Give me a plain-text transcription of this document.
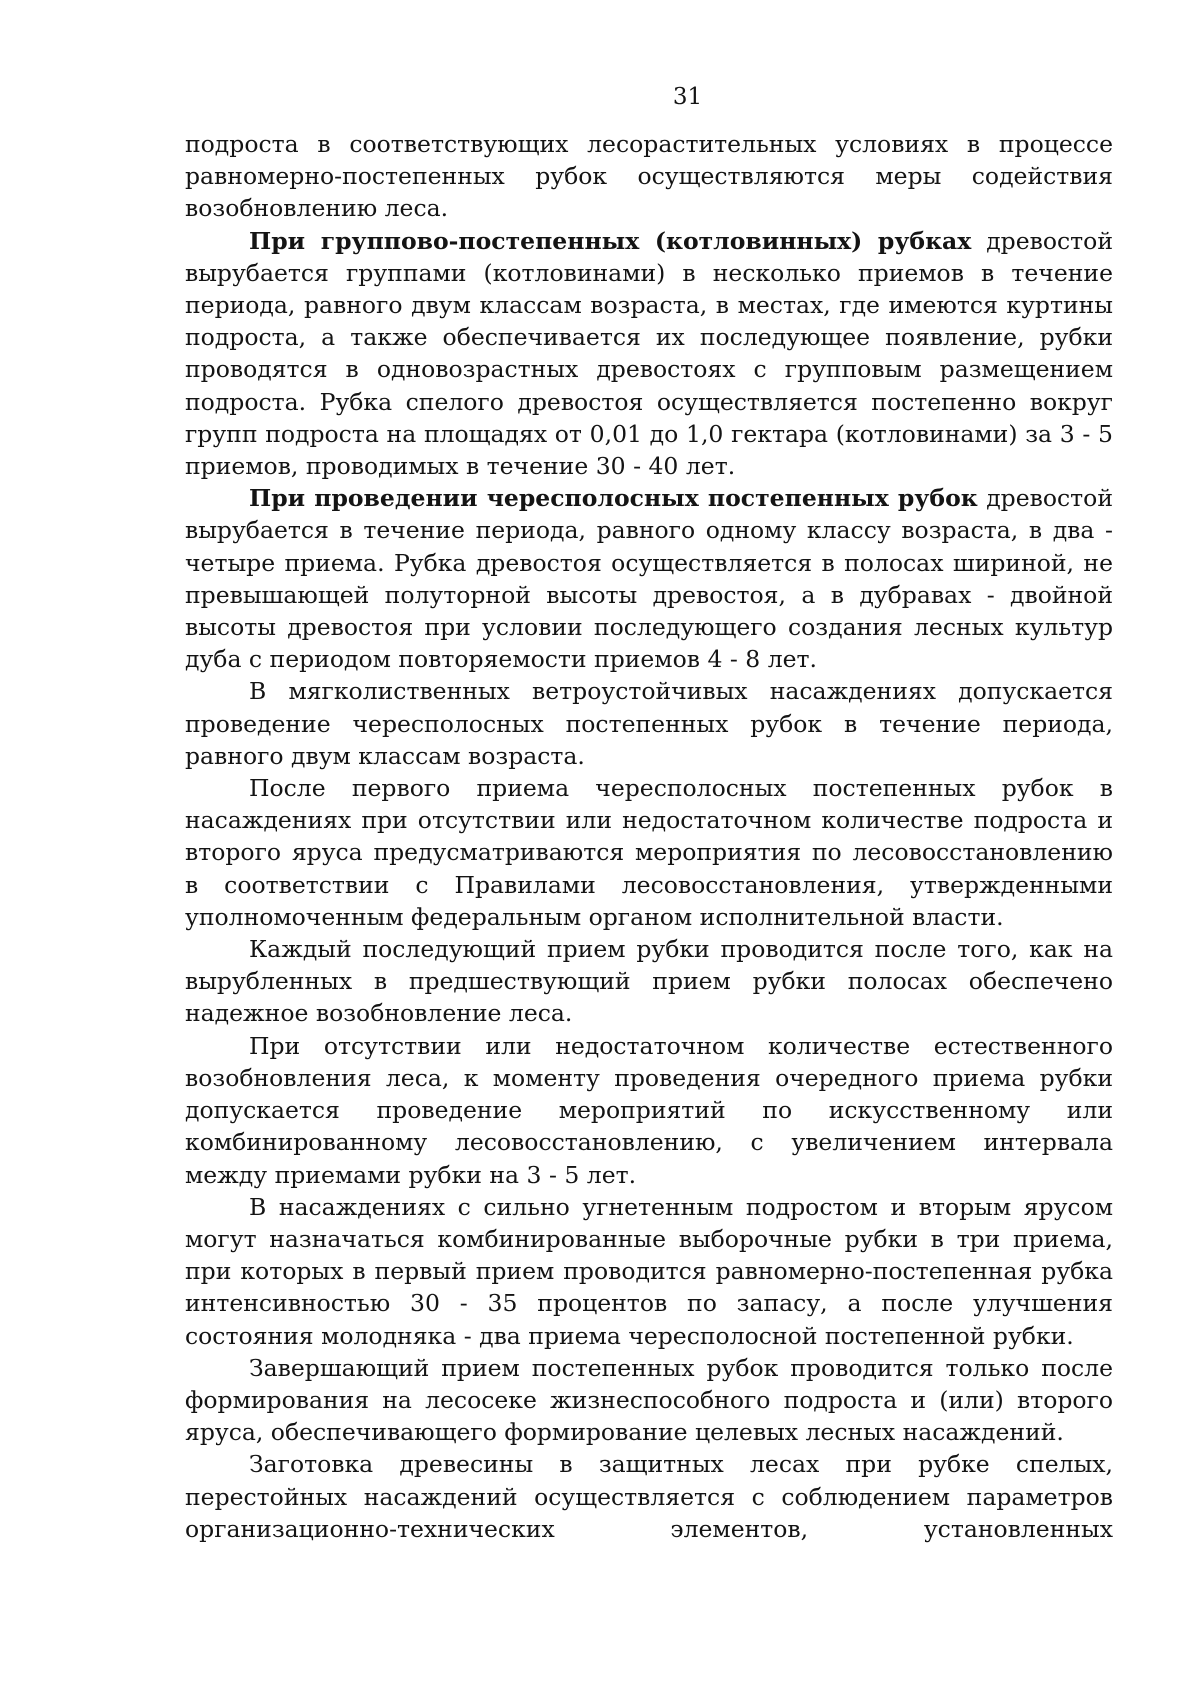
31

подроста в соответствующих лесорастительных условиях в процессе равномерно-постепенных рубок осуществляются меры содействия возобновлению леса.

При группово-постепенных (котловинных) рубках древостой вырубается группами (котловинами) в несколько приемов в течение периода, равного двум классам возраста, в местах, где имеются куртины подроста, а также обеспечивается их последующее появление, рубки проводятся в одновозрастных древостоях с групповым размещением подроста. Рубка спелого древостоя осуществляется постепенно вокруг групп подроста на площадях от 0,01 до 1,0 гектара (котловинами) за 3 - 5 приемов, проводимых в течение 30 - 40 лет.

При проведении чересполосных постепенных рубок древостой вырубается в течение периода, равного одному классу возраста, в два - четыре приема. Рубка древостоя осуществляется в полосах шириной, не превышающей полуторной высоты древостоя, а в дубравах - двойной высоты древостоя при условии последующего создания лесных культур дуба с периодом повторяемости приемов 4 - 8 лет.

В мягколиственных ветроустойчивых насаждениях допускается проведение чересполосных постепенных рубок в течение периода, равного двум классам возраста.

После первого приема чересполосных постепенных рубок в насаждениях при отсутствии или недостаточном количестве подроста и второго яруса предусматриваются мероприятия по лесовосстановлению в соответствии с Правилами лесовосстановления, утвержденными уполномоченным федеральным органом исполнительной власти.

Каждый последующий прием рубки проводится после того, как на вырубленных в предшествующий прием рубки полосах обеспечено надежное возобновление леса.

При отсутствии или недостаточном количестве естественного возобновления леса, к моменту проведения очередного приема рубки допускается проведение мероприятий по искусственному или комбинированному лесовосстановлению, с увеличением интервала между приемами рубки на 3 - 5 лет.

В насаждениях с сильно угнетенным подростом и вторым ярусом могут назначаться комбинированные выборочные рубки в три приема, при которых в первый прием проводится равномерно-постепенная рубка интенсивностью 30 - 35 процентов по запасу, а после улучшения состояния молодняка - два приема чересполосной постепенной рубки.

Завершающий прием постепенных рубок проводится только после формирования на лесосеке жизнеспособного подроста и (или) второго яруса, обеспечивающего формирование целевых лесных насаждений.

Заготовка древесины в защитных лесах при рубке спелых, перестойных насаждений осуществляется с соблюдением параметров организационно-технических элементов, установленных
